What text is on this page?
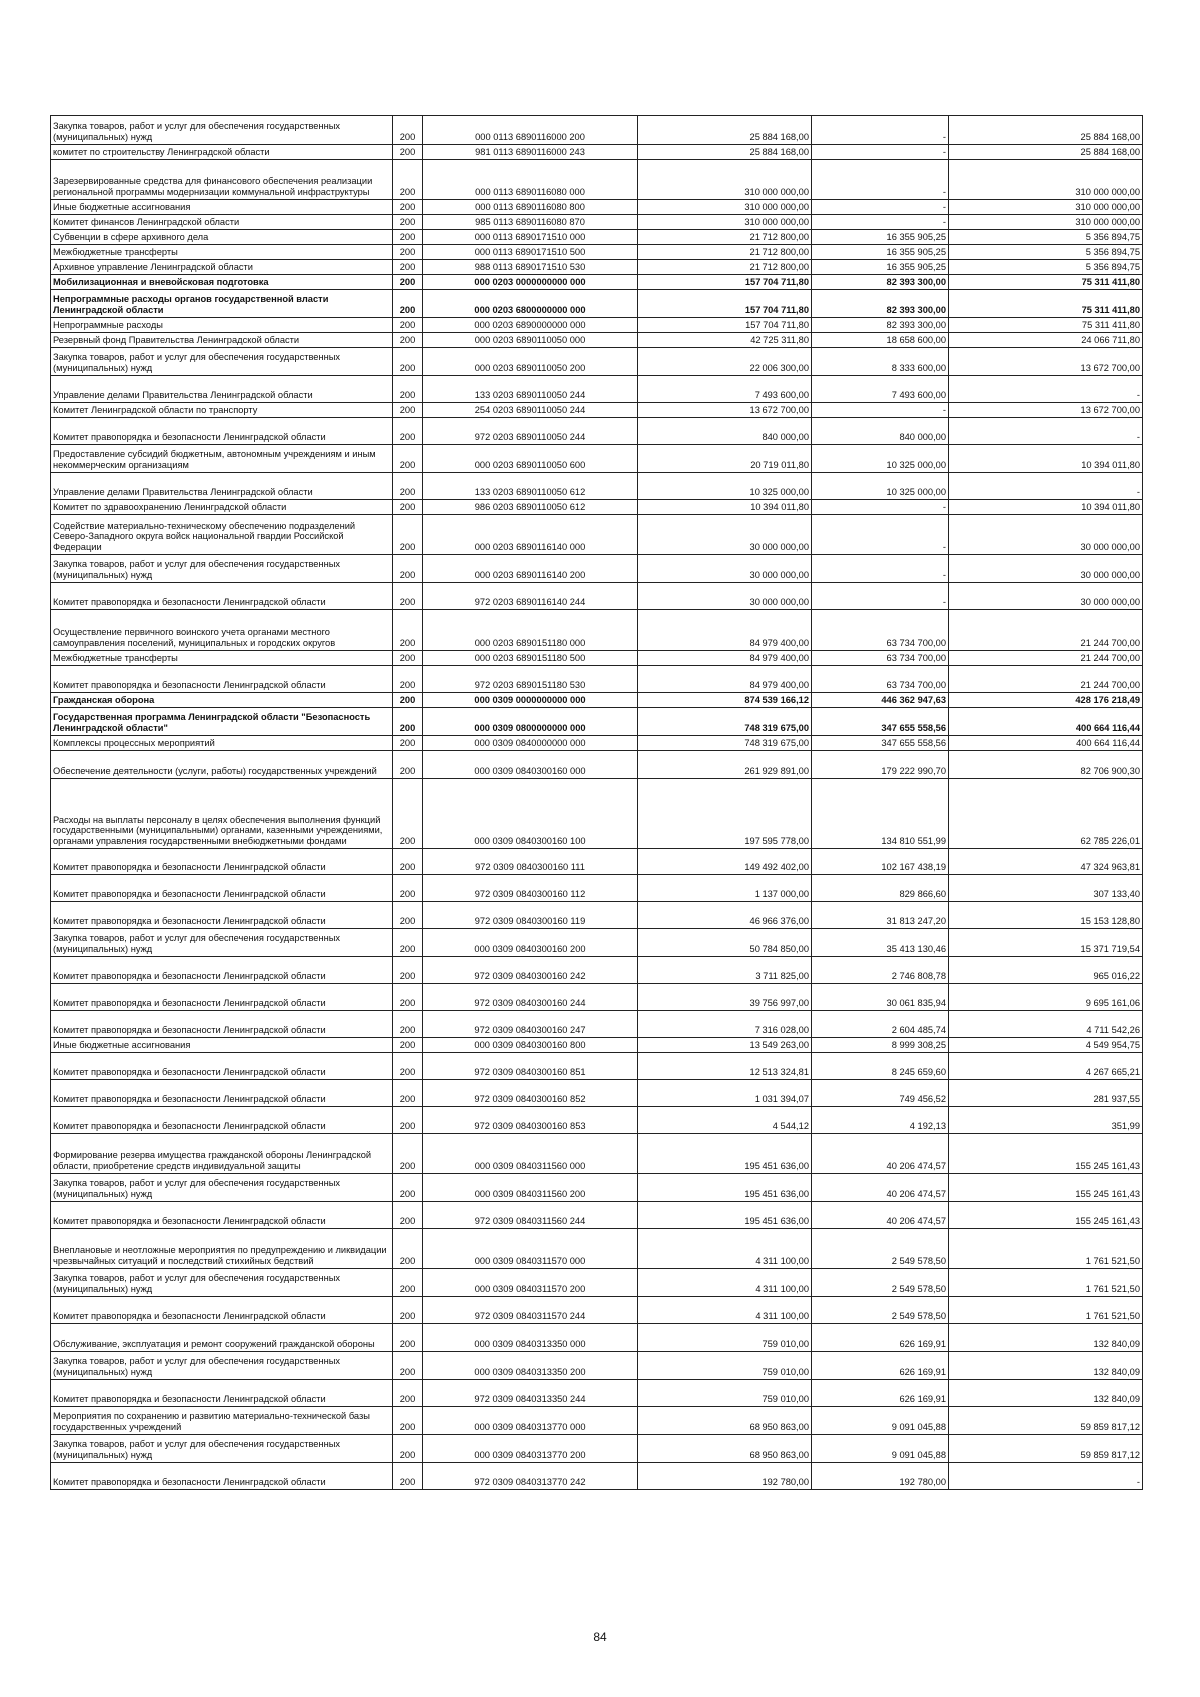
Закупка товаров, работ и услуг для обеспечения государственных (муниципальных) нужд	200	000 0113 6890116000 200	25 884 168,00	-	25 884 168,00
комитет по строительству Ленинградской области	200	981 0113 6890116000 243	25 884 168,00	-	25 884 168,00
Зарезервированные средства для финансового обеспечения реализации региональной программы модернизации коммунальной инфраструктуры	200	000 0113 6890116080 000	310 000 000,00	-	310 000 000,00
Иные бюджетные ассигнования	200	000 0113 6890116080 800	310 000 000,00	-	310 000 000,00
Комитет финансов Ленинградской области	200	985 0113 6890116080 870	310 000 000,00	-	310 000 000,00
Субвенции в сфере архивного дела	200	000 0113 6890171510 000	21 712 800,00	16 355 905,25	5 356 894,75
Межбюджетные трансферты	200	000 0113 6890171510 500	21 712 800,00	16 355 905,25	5 356 894,75
Архивное управление Ленинградской области	200	988 0113 6890171510 530	21 712 800,00	16 355 905,25	5 356 894,75
Мобилизационная и вневойсковая подготовка	200	000 0203 0000000000 000	157 704 711,80	82 393 300,00	75 311 411,80
Непрограммные расходы органов государственной власти Ленинградской области	200	000 0203 6800000000 000	157 704 711,80	82 393 300,00	75 311 411,80
Непрограммные расходы	200	000 0203 6890000000 000	157 704 711,80	82 393 300,00	75 311 411,80
Резервный фонд Правительства Ленинградской области	200	000 0203 6890110050 000	42 725 311,80	18 658 600,00	24 066 711,80
Закупка товаров, работ и услуг для обеспечения государственных (муниципальных) нужд	200	000 0203 6890110050 200	22 006 300,00	8 333 600,00	13 672 700,00
Управление делами Правительства Ленинградской области	200	133 0203 6890110050 244	7 493 600,00	7 493 600,00	-
Комитет Ленинградской области по транспорту	200	254 0203 6890110050 244	13 672 700,00	-	13 672 700,00
Комитет правопорядка и безопасности Ленинградской области	200	972 0203 6890110050 244	840 000,00	840 000,00	-
Предоставление субсидий бюджетным, автономным учреждениям и иным некоммерческим организациям	200	000 0203 6890110050 600	20 719 011,80	10 325 000,00	10 394 011,80
Управление делами Правительства Ленинградской области	200	133 0203 6890110050 612	10 325 000,00	10 325 000,00	-
Комитет по здравоохранению Ленинградской области	200	986 0203 6890110050 612	10 394 011,80	-	10 394 011,80
Содействие материально-техническому обеспечению подразделений Северо-Западного округа войск национальной гвардии Российской Федерации	200	000 0203 6890116140 000	30 000 000,00	-	30 000 000,00
Закупка товаров, работ и услуг для обеспечения государственных (муниципальных) нужд	200	000 0203 6890116140 200	30 000 000,00	-	30 000 000,00
Комитет правопорядка и безопасности Ленинградской области	200	972 0203 6890116140 244	30 000 000,00	-	30 000 000,00
Осуществление первичного воинского учета органами местного самоуправления поселений, муниципальных и городских округов	200	000 0203 6890151180 000	84 979 400,00	63 734 700,00	21 244 700,00
Межбюджетные трансферты	200	000 0203 6890151180 500	84 979 400,00	63 734 700,00	21 244 700,00
Комитет правопорядка и безопасности Ленинградской области	200	972 0203 6890151180 530	84 979 400,00	63 734 700,00	21 244 700,00
Гражданская оборона	200	000 0309 0000000000 000	874 539 166,12	446 362 947,63	428 176 218,49
Государственная программа Ленинградской области "Безопасность Ленинградской области"	200	000 0309 0800000000 000	748 319 675,00	347 655 558,56	400 664 116,44
Комплексы процессных мероприятий	200	000 0309 0840000000 000	748 319 675,00	347 655 558,56	400 664 116,44
Обеспечение деятельности (услуги, работы) государственных учреждений	200	000 0309 0840300160 000	261 929 891,00	179 222 990,70	82 706 900,30
Расходы на выплаты персоналу в целях обеспечения выполнения функций государственными (муниципальными) органами, казенными учреждениями, органами управления государственными внебюджетными фондами	200	000 0309 0840300160 100	197 595 778,00	134 810 551,99	62 785 226,01
Комитет правопорядка и безопасности Ленинградской области	200	972 0309 0840300160 111	149 492 402,00	102 167 438,19	47 324 963,81
Комитет правопорядка и безопасности Ленинградской области	200	972 0309 0840300160 112	1 137 000,00	829 866,60	307 133,40
Комитет правопорядка и безопасности Ленинградской области	200	972 0309 0840300160 119	46 966 376,00	31 813 247,20	15 153 128,80
Закупка товаров, работ и услуг для обеспечения государственных (муниципальных) нужд	200	000 0309 0840300160 200	50 784 850,00	35 413 130,46	15 371 719,54
Комитет правопорядка и безопасности Ленинградской области	200	972 0309 0840300160 242	3 711 825,00	2 746 808,78	965 016,22
Комитет правопорядка и безопасности Ленинградской области	200	972 0309 0840300160 244	39 756 997,00	30 061 835,94	9 695 161,06
Комитет правопорядка и безопасности Ленинградской области	200	972 0309 0840300160 247	7 316 028,00	2 604 485,74	4 711 542,26
Иные бюджетные ассигнования	200	000 0309 0840300160 800	13 549 263,00	8 999 308,25	4 549 954,75
Комитет правопорядка и безопасности Ленинградской области	200	972 0309 0840300160 851	12 513 324,81	8 245 659,60	4 267 665,21
Комитет правопорядка и безопасности Ленинградской области	200	972 0309 0840300160 852	1 031 394,07	749 456,52	281 937,55
Комитет правопорядка и безопасности Ленинградской области	200	972 0309 0840300160 853	4 544,12	4 192,13	351,99
Формирование резерва имущества гражданской обороны Ленинградской области, приобретение средств индивидуальной защиты	200	000 0309 0840311560 000	195 451 636,00	40 206 474,57	155 245 161,43
Закупка товаров, работ и услуг для обеспечения государственных (муниципальных) нужд	200	000 0309 0840311560 200	195 451 636,00	40 206 474,57	155 245 161,43
Комитет правопорядка и безопасности Ленинградской области	200	972 0309 0840311560 244	195 451 636,00	40 206 474,57	155 245 161,43
Внеплановые и неотложные мероприятия по предупреждению и ликвидации чрезвычайных ситуаций и последствий стихийных бедствий	200	000 0309 0840311570 000	4 311 100,00	2 549 578,50	1 761 521,50
Закупка товаров, работ и услуг для обеспечения государственных (муниципальных) нужд	200	000 0309 0840311570 200	4 311 100,00	2 549 578,50	1 761 521,50
Комитет правопорядка и безопасности Ленинградской области	200	972 0309 0840311570 244	4 311 100,00	2 549 578,50	1 761 521,50
Обслуживание, эксплуатация и ремонт сооружений гражданской обороны	200	000 0309 0840313350 000	759 010,00	626 169,91	132 840,09
Закупка товаров, работ и услуг для обеспечения государственных (муниципальных) нужд	200	000 0309 0840313350 200	759 010,00	626 169,91	132 840,09
Комитет правопорядка и безопасности Ленинградской области	200	972 0309 0840313350 244	759 010,00	626 169,91	132 840,09
Мероприятия по сохранению и развитию материально-технической базы государственных учреждений	200	000 0309 0840313770 000	68 950 863,00	9 091 045,88	59 859 817,12
Закупка товаров, работ и услуг для обеспечения государственных (муниципальных) нужд	200	000 0309 0840313770 200	68 950 863,00	9 091 045,88	59 859 817,12
Комитет правопорядка и безопасности Ленинградской области	200	972 0309 0840313770 242	192 780,00	192 780,00	-
84
